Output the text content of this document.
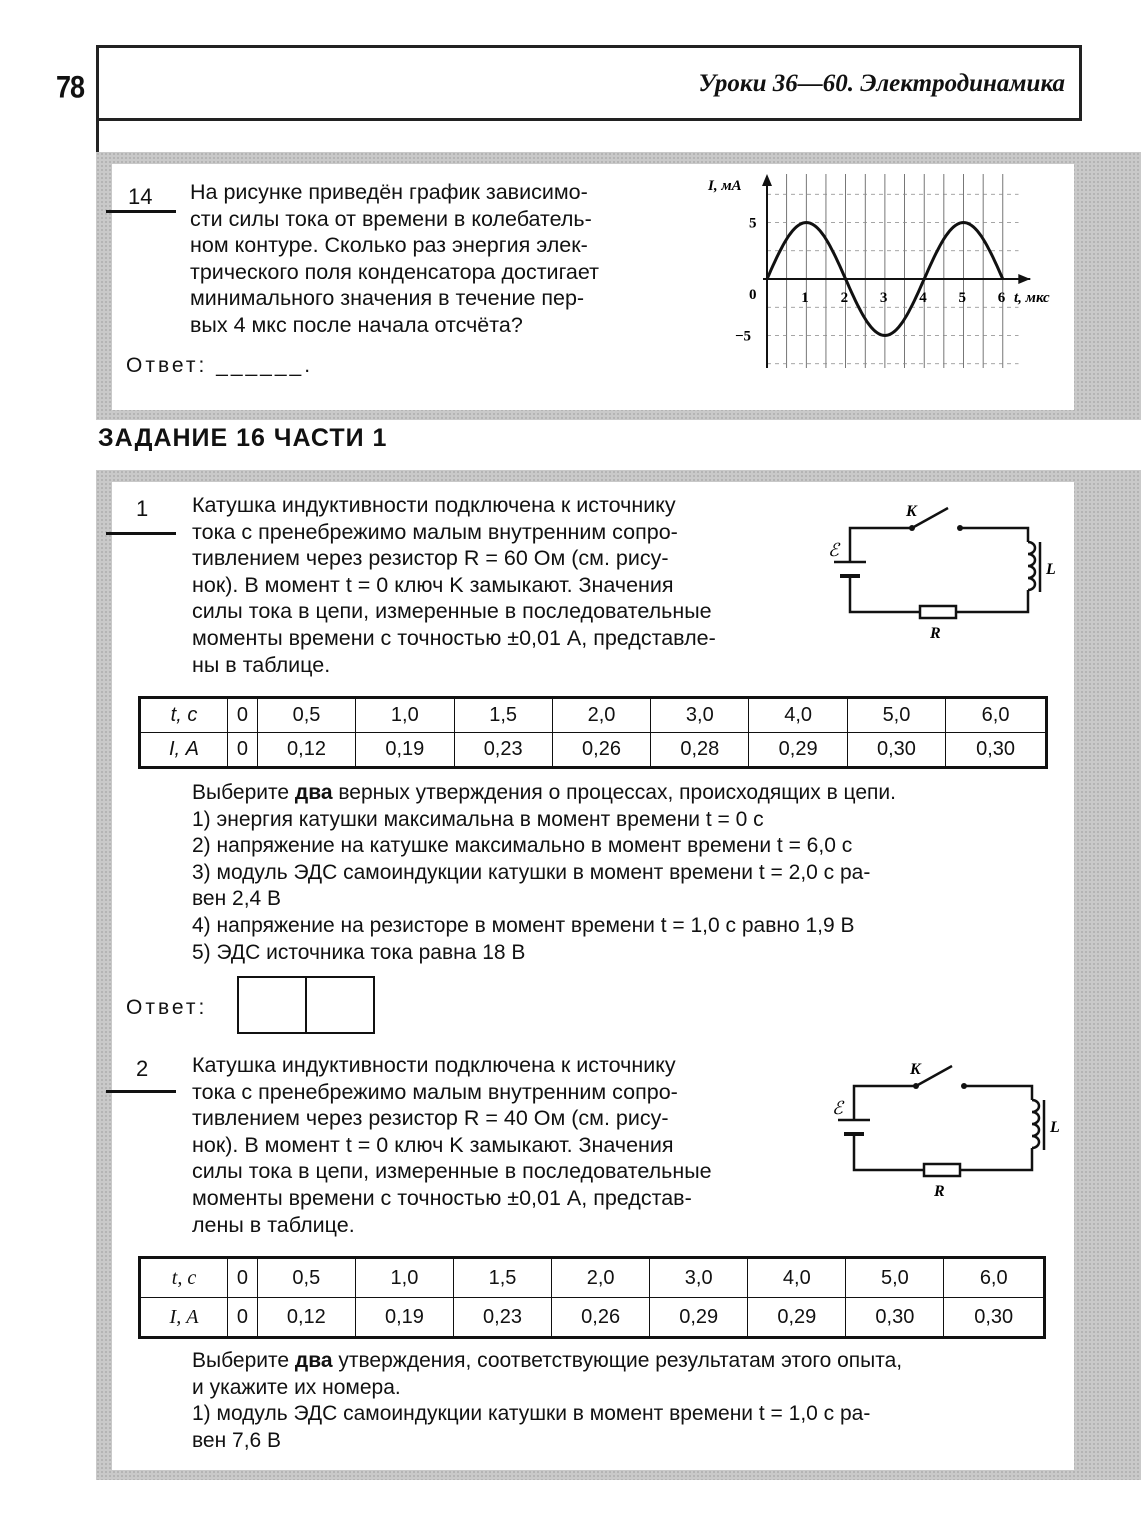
78	Уроки 36—60. Электродинамика
14 На рисунке приведён график зависимо-
сти силы тока от времени в колебатель-
ном контуре. Сколько раз энергия элек-
трического поля конденсатора достигает
минимального значения в течение пер-
вых 4 мкс после начала отсчёта?
Ответ: ______.
I, мА
t, мкс
1 2 3 4 5 6
5
0
−5
ЗАДАНИЕ 16 ЧАСТИ 1
1 Катушка индуктивности подключена к источнику
тока с пренебрежимо малым внутренним сопро-
тивлением через резистор R = 60 Ом (см. рису-
нок). В момент t = 0 ключ K замыкают. Значения
силы тока в цепи, измеренные в последовательные
моменты времени с точностью ±0,01 А, представле-
ны в таблице.
K
ℰ
L
R
t, с	0	0,5	1,0	1,5	2,0	3,0	4,0	5,0	6,0
I, А	0	0,12	0,19	0,23	0,26	0,28	0,29	0,30	0,30
Выберите два верных утверждения о процессах, происходящих в цепи.
1) энергия катушки максимальна в момент времени t = 0 с
2) напряжение на катушке максимально в момент времени t = 6,0 с
3) модуль ЭДС самоиндукции катушки в момент времени t = 2,0 с ра-
вен 2,4 В
4) напряжение на резисторе в момент времени t = 1,0 с равно 1,9 В
5) ЭДС источника тока равна 18 В
Ответ:
2 Катушка индуктивности подключена к источнику
тока с пренебрежимо малым внутренним сопро-
тивлением через резистор R = 40 Ом (см. рису-
нок). В момент t = 0 ключ K замыкают. Значения
силы тока в цепи, измеренные в последовательные
моменты времени с точностью ±0,01 А, представ-
лены в таблице.
K
ℰ
L
R
t, с	0	0,5	1,0	1,5	2,0	3,0	4,0	5,0	6,0
I, А	0	0,12	0,19	0,23	0,26	0,29	0,29	0,30	0,30
Выберите два утверждения, соответствующие результатам этого опыта,
и укажите их номера.
1) модуль ЭДС самоиндукции катушки в момент времени t = 1,0 с ра-
вен 7,6 В
